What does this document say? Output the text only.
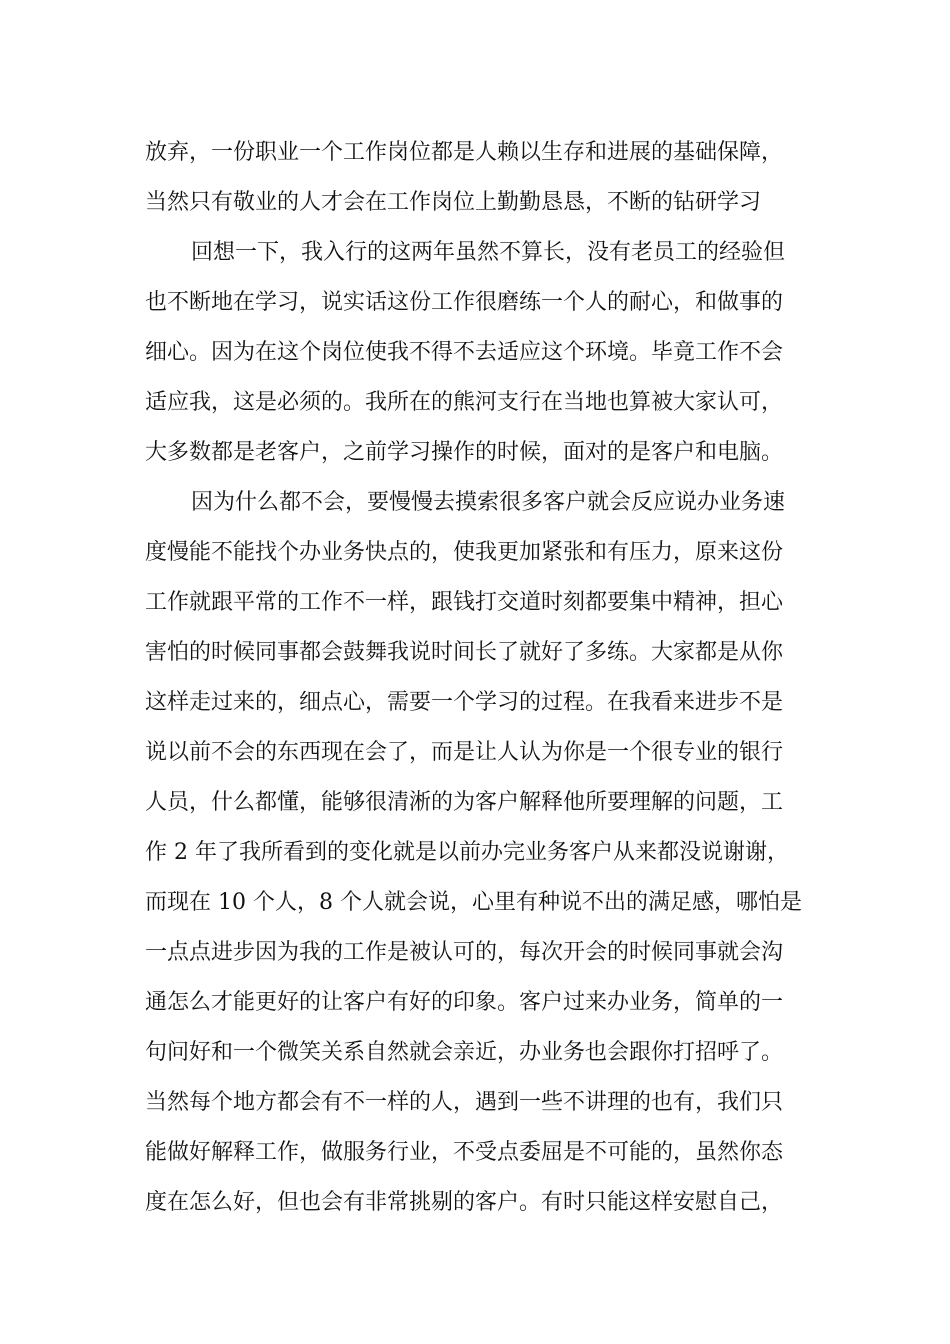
放弃，一份职业一个工作岗位都是人赖以生存和进展的基础保障，
当然只有敬业的人才会在工作岗位上勤勤恳恳，不断的钻研学习
回想一下，我入行的这两年虽然不算长，没有老员工的经验但
也不断地在学习，说实话这份工作很磨练一个人的耐心，和做事的
细心。因为在这个岗位使我不得不去适应这个环境。毕竟工作不会
适应我，这是必须的。我所在的熊河支行在当地也算被大家认可，
大多数都是老客户，之前学习操作的时候，面对的是客户和电脑。
因为什么都不会，要慢慢去摸索很多客户就会反应说办业务速
度慢能不能找个办业务快点的，使我更加紧张和有压力，原来这份
工作就跟平常的工作不一样，跟钱打交道时刻都要集中精神，担心
害怕的时候同事都会鼓舞我说时间长了就好了多练。大家都是从你
这样走过来的，细点心，需要一个学习的过程。在我看来进步不是
说以前不会的东西现在会了，而是让人认为你是一个很专业的银行
人员，什么都懂，能够很清淅的为客户解释他所要理解的问题，工
作 2 年了我所看到的变化就是以前办完业务客户从来都没说谢谢，
而现在 10 个人，8 个人就会说，心里有种说不出的满足感，哪怕是
一点点进步因为我的工作是被认可的，每次开会的时候同事就会沟
通怎么才能更好的让客户有好的印象。客户过来办业务，简单的一
句问好和一个微笑关系自然就会亲近，办业务也会跟你打招呼了。
当然每个地方都会有不一样的人，遇到一些不讲理的也有，我们只
能做好解释工作，做服务行业，不受点委屈是不可能的，虽然你态
度在怎么好，但也会有非常挑剔的客户。有时只能这样安慰自己，
